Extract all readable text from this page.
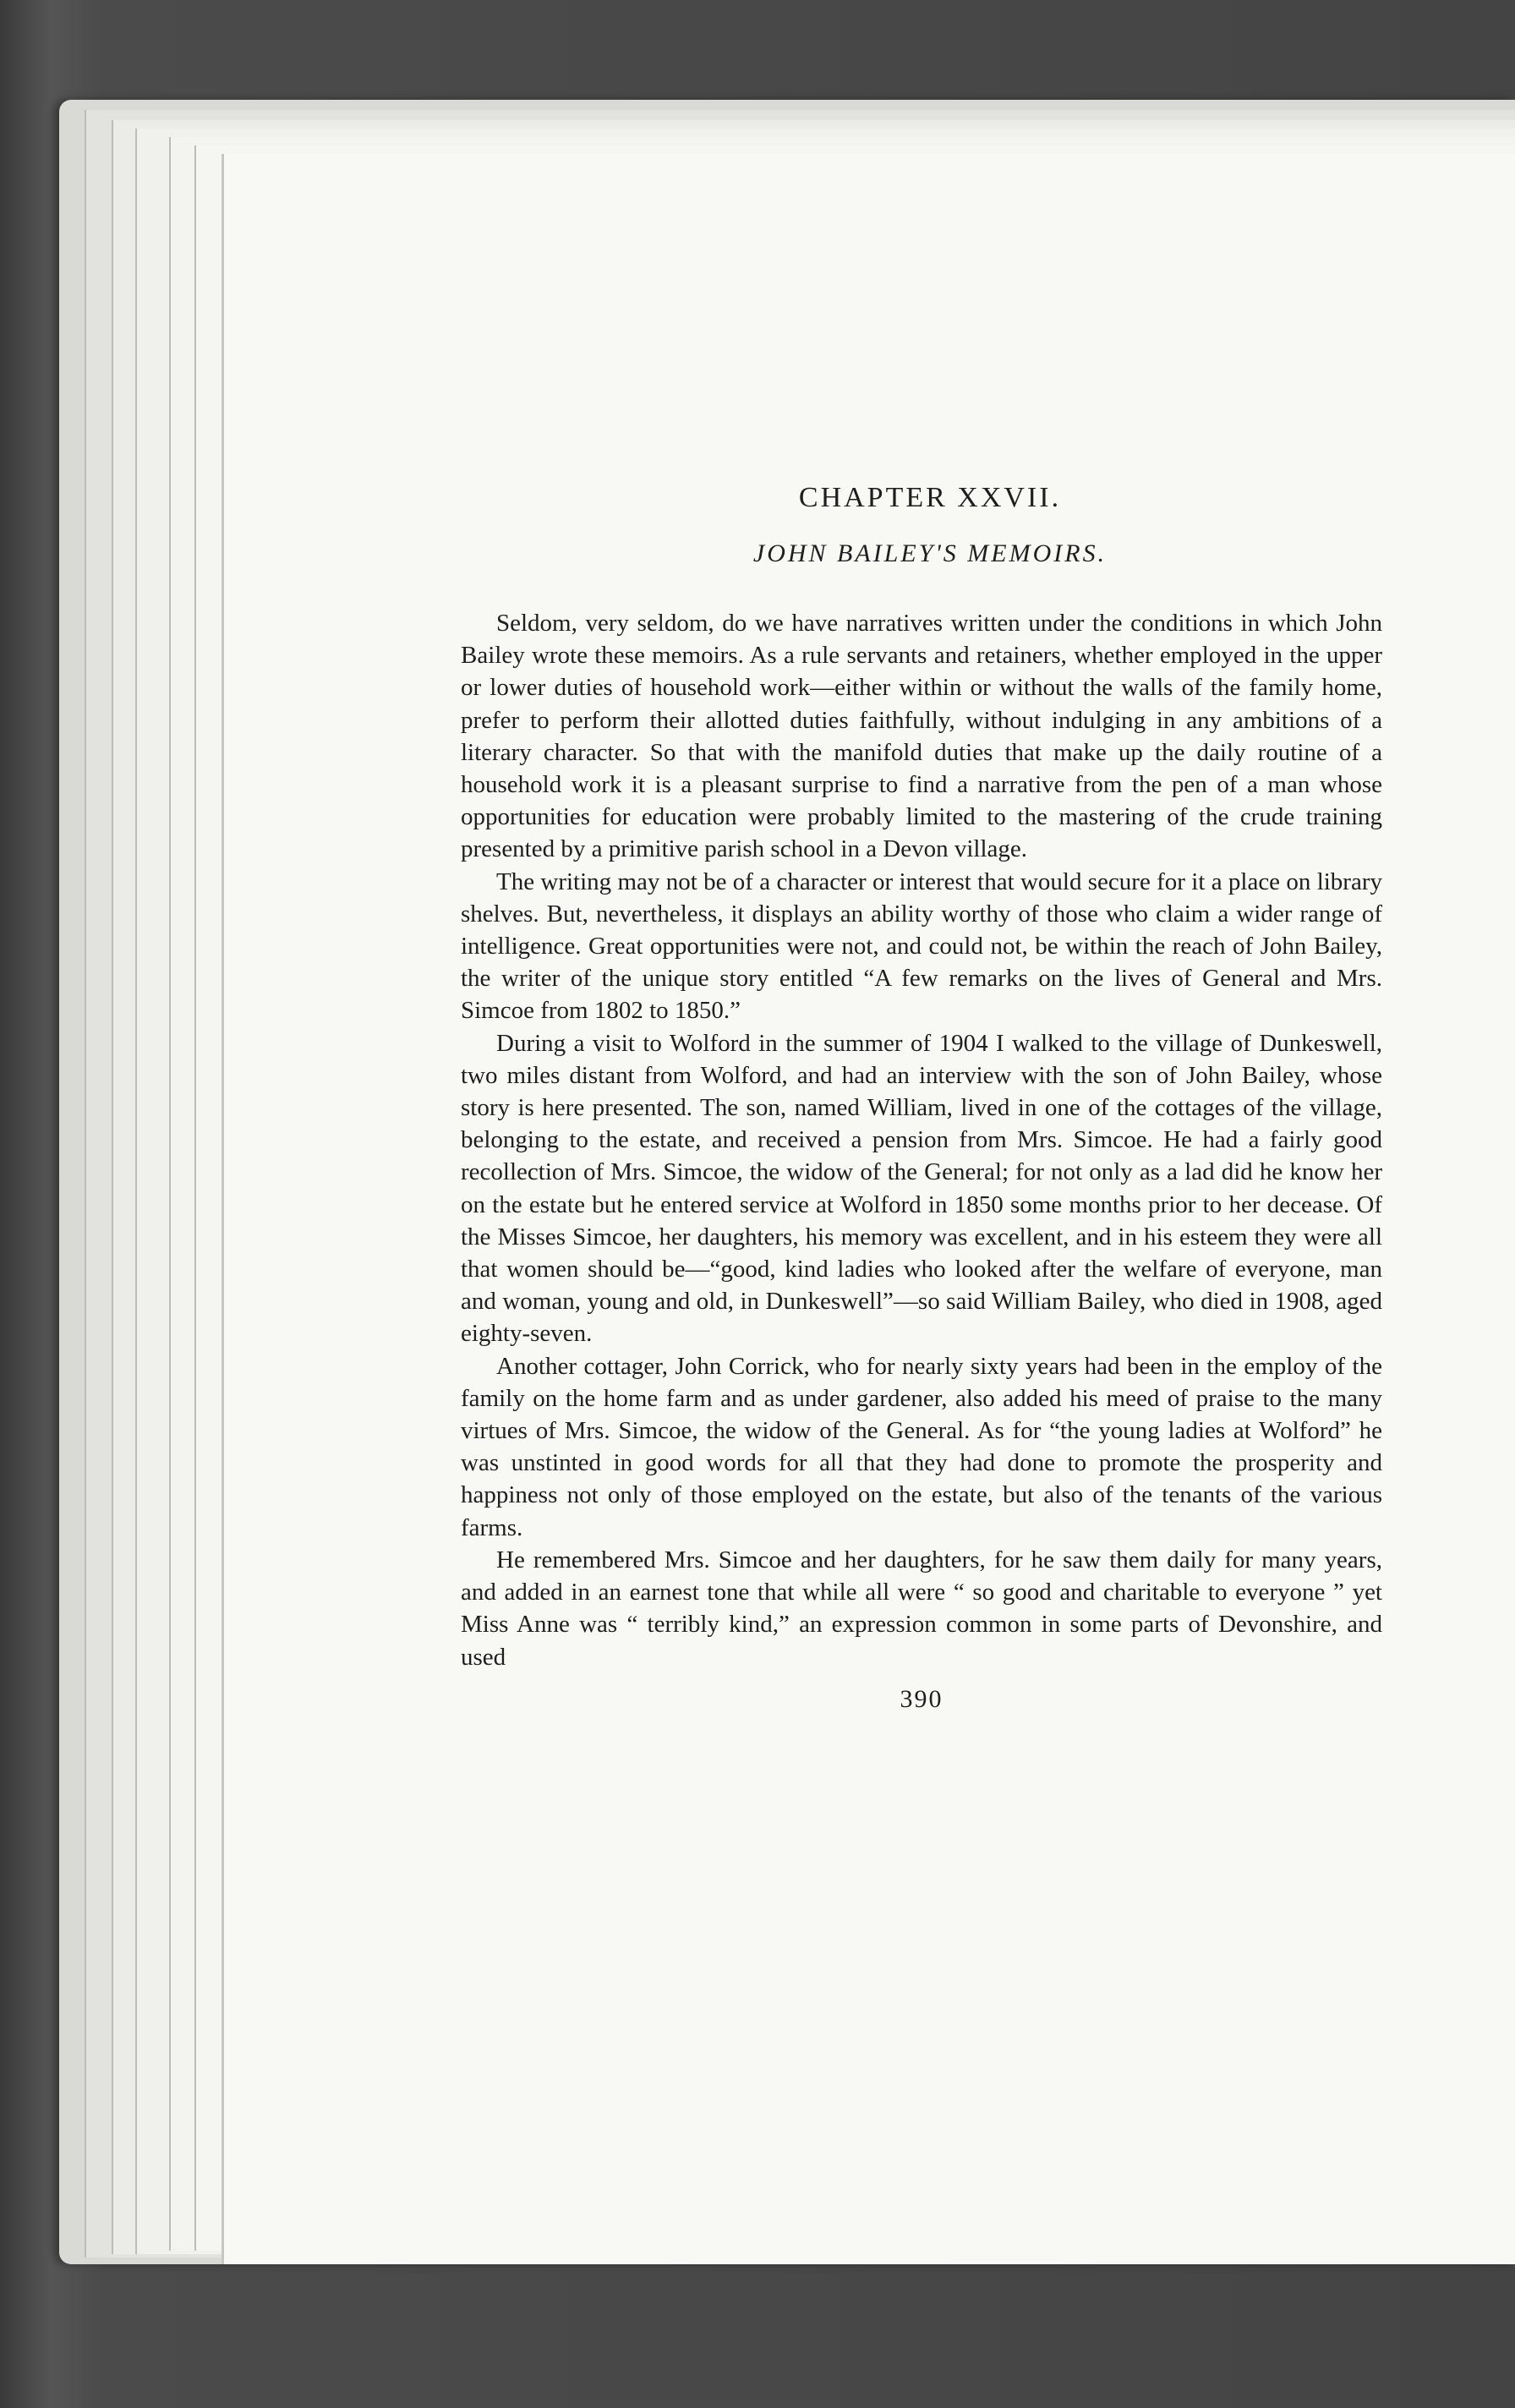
CHAPTER XXVII.
JOHN BAILEY'S MEMOIRS.

Seldom, very seldom, do we have narratives written under the conditions in which John Bailey wrote these memoirs. As a rule servants and retainers, whether employed in the upper or lower duties of household work—either within or without the walls of the family home, prefer to perform their allotted duties faithfully, without indulging in any ambitions of a literary character. So that with the manifold duties that make up the daily routine of a household work it is a pleasant surprise to find a narrative from the pen of a man whose opportunities for education were probably limited to the mastering of the crude training presented by a primitive parish school in a Devon village.

The writing may not be of a character or interest that would secure for it a place on library shelves. But, nevertheless, it displays an ability worthy of those who claim a wider range of intelligence. Great opportunities were not, and could not, be within the reach of John Bailey, the writer of the unique story entitled “A few remarks on the lives of General and Mrs. Simcoe from 1802 to 1850.”

During a visit to Wolford in the summer of 1904 I walked to the village of Dunkeswell, two miles distant from Wolford, and had an interview with the son of John Bailey, whose story is here presented. The son, named William, lived in one of the cottages of the village, belonging to the estate, and received a pension from Mrs. Simcoe. He had a fairly good recollection of Mrs. Simcoe, the widow of the General; for not only as a lad did he know her on the estate but he entered service at Wolford in 1850 some months prior to her decease. Of the Misses Simcoe, her daughters, his memory was excellent, and in his esteem they were all that women should be—“good, kind ladies who looked after the welfare of everyone, man and woman, young and old, in Dunkeswell”—so said William Bailey, who died in 1908, aged eighty-seven.

Another cottager, John Corrick, who for nearly sixty years had been in the employ of the family on the home farm and as under gardener, also added his meed of praise to the many virtues of Mrs. Simcoe, the widow of the General. As for “the young ladies at Wolford” he was unstinted in good words for all that they had done to promote the prosperity and happiness not only of those employed on the estate, but also of the tenants of the various farms.

He remembered Mrs. Simcoe and her daughters, for he saw them daily for many years, and added in an earnest tone that while all were “ so good and charitable to everyone ” yet Miss Anne was “ terribly kind,” an expression common in some parts of Devonshire, and used

390
